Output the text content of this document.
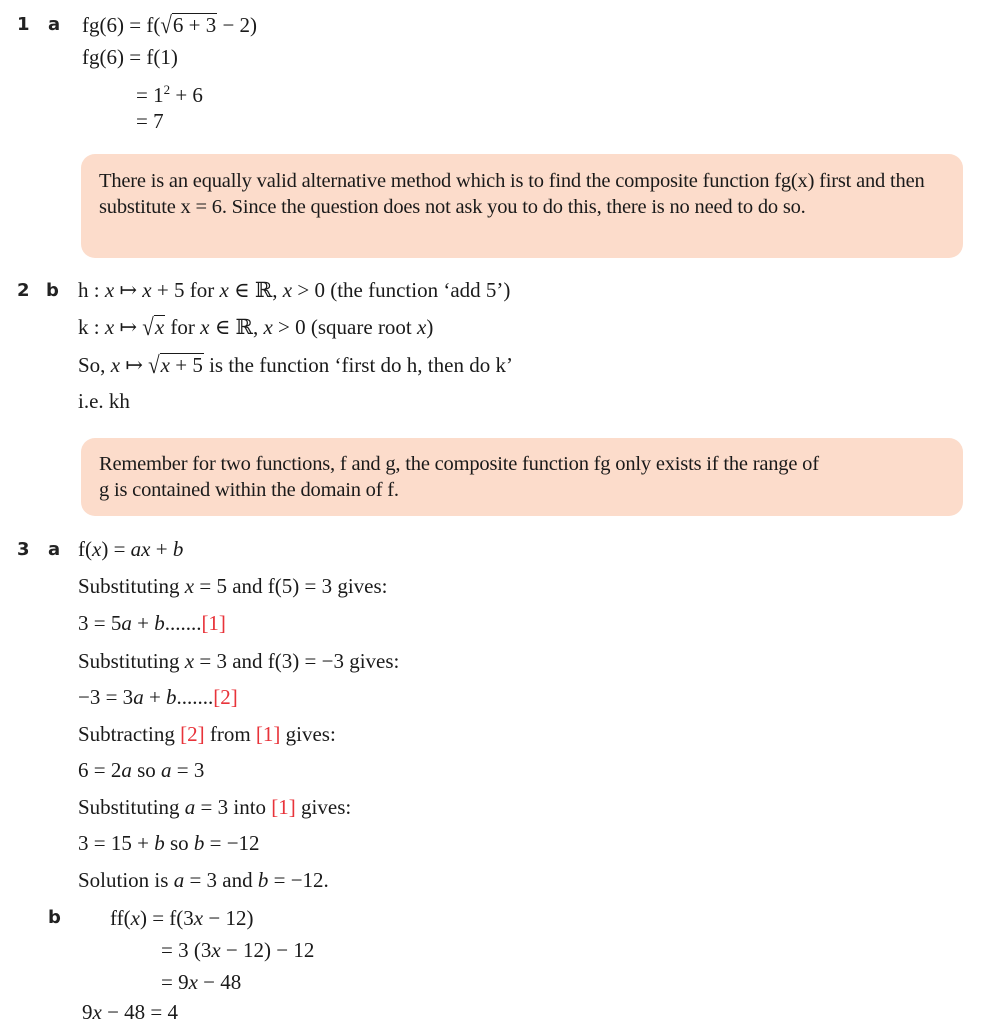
1 a fg(6) = f(√6 + 3 − 2)
fg(6) = f(1)
= $1^2 + 6$
= 7

There is an equally valid alternative method which is to find the composite function fg(x) first and then substitute x = 6. Since the question does not ask you to do this, there is no need to do so.

2 b h : x ↦ x + 5 for x ∈ ℝ, x > 0 (the function ‘add 5’)
k : x ↦ √x for x ∈ ℝ, x > 0 (square root x)
So, x ↦ √x + 5 is the function ‘first do h, then do k’
i.e. kh

Remember for two functions, f and g, the composite function fg only exists if the range of
g is contained within the domain of f.

3 a f(x) = ax + b
Substituting x = 5 and f(5) = 3 gives:
3 = 5a + b.......[1]
Substituting x = 3 and f(3) = −3 gives:
−3 = 3a + b.......[2]
Subtracting [2] from [1] gives:
6 = 2a so a = 3
Substituting a = 3 into [1] gives:
3 = 15 + b so b = −12
Solution is a = 3 and b = −12.
b ff(x) = f(3x − 12)
= 3 (3x − 12) − 12
= 9x − 48
9x − 48 = 4
